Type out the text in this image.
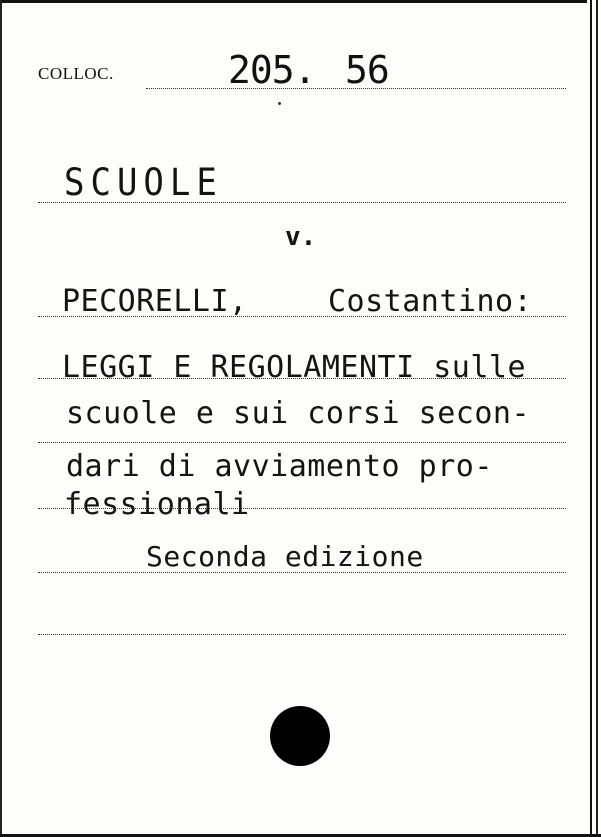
COLLOC.	205. 56
SCUOLE
v.
PECORELLI,	Costantino:
LEGGI E REGOLAMENTI sulle
scuole e sui corsi secon-
dari di avviamento pro-
fessionali
Seconda edizione
